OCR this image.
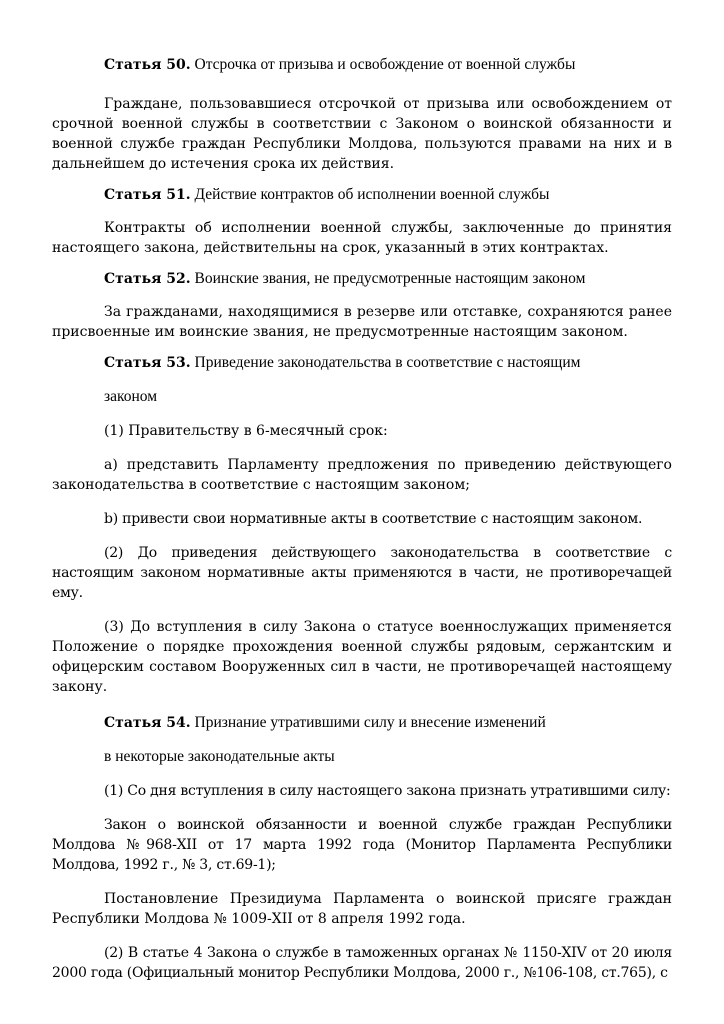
Статья 50. Отсрочка от призыва и освобождение от военной службы

Граждане, пользовавшиеся отсрочкой от призыва или освобождением от срочной военной службы в соответствии с Законом о воинской обязанности и военной службе граждан Республики Молдова, пользуются правами на них и в дальнейшем до истечения срока их действия.

Статья 51. Действие контрактов об исполнении военной службы

Контракты об исполнении военной службы, заключенные до принятия настоящего закона, действительны на срок, указанный в этих контрактах.

Статья 52. Воинские звания, не предусмотренные настоящим законом

За гражданами, находящимися в резерве или отставке, сохраняются ранее присвоенные им воинские звания, не предусмотренные настоящим законом.

Статья 53. Приведение законодательства в соответствие с настоящим

законом

(1) Правительству в 6-месячный срок:

a) представить Парламенту предложения по приведению действующего законодательства в соответствие с настоящим законом;

b) привести свои нормативные акты в соответствие с настоящим законом.

(2) До приведения действующего законодательства в соответствие с настоящим законом нормативные акты применяются в части, не противоречащей ему.

(3) До вступления в силу Закона о статусе военнослужащих применяется Положение о порядке прохождения военной службы рядовым, сержантским и офицерским составом Вооруженных сил в части, не противоречащей настоящему закону.

Статья 54. Признание утратившими силу и внесение изменений

в некоторые законодательные акты

(1) Со дня вступления в силу настоящего закона признать утратившими силу:

Закон о воинской обязанности и военной службе граждан Республики Молдова №968-XII от 17 марта 1992 года (Монитор Парламента Республики Молдова, 1992 г., № 3, ст.69-1);

Постановление Президиума Парламента о воинской присяге граждан Республики Молдова № 1009-XII от 8 апреля 1992 года.

(2) В статье 4 Закона о службе в таможенных органах № 1150-XIV от 20 июля 2000 года (Официальный монитор Республики Молдова, 2000 г., №106-108, ст.765), с
